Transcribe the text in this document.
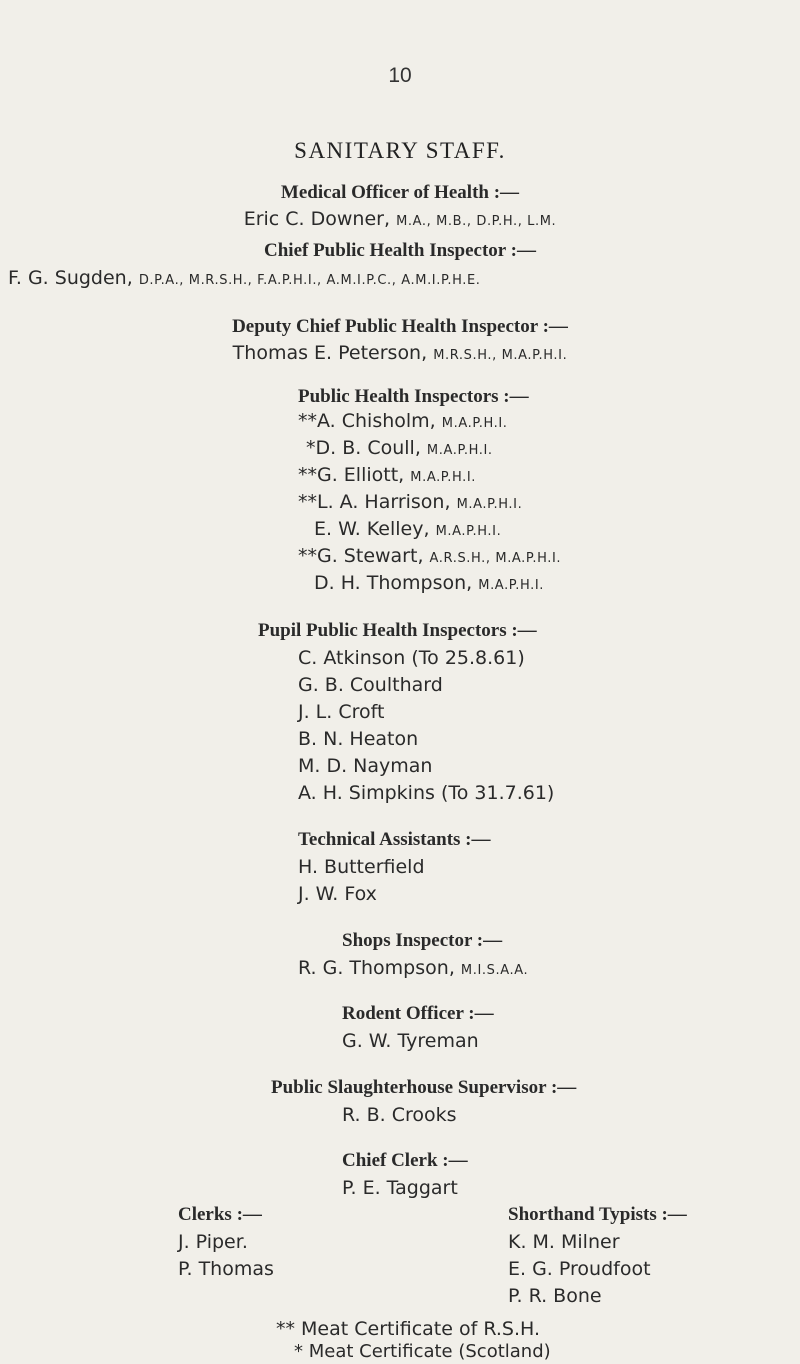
10
SANITARY STAFF.
Medical Officer of Health :—
Eric C. Downer, M.A., M.B., D.P.H., L.M.
Chief Public Health Inspector :—
F. G. Sugden, D.P.A., M.R.S.H., F.A.P.H.I., A.M.I.P.C., A.M.I.P.H.E.
Deputy Chief Public Health Inspector :—
Thomas E. Peterson, M.R.S.H., M.A.P.H.I.
Public Health Inspectors :—
**A. Chisholm, M.A.P.H.I.
*D. B. Coull, M.A.P.H.I.
**G. Elliott, M.A.P.H.I.
**L. A. Harrison, M.A.P.H.I.
E. W. Kelley, M.A.P.H.I.
**G. Stewart, A.R.S.H., M.A.P.H.I.
D. H. Thompson, M.A.P.H.I.
Pupil Public Health Inspectors :—
C. Atkinson (To 25.8.61)
G. B. Coulthard
J. L. Croft
B. N. Heaton
M. D. Nayman
A. H. Simpkins (To 31.7.61)
Technical Assistants :—
H. Butterfield
J. W. Fox
Shops Inspector :—
R. G. Thompson, M.I.S.A.A.
Rodent Officer :—
G. W. Tyreman
Public Slaughterhouse Supervisor :—
R. B. Crooks
Chief Clerk :—
P. E. Taggart
Clerks :—
J. Piper.
P. Thomas
Shorthand Typists :—
K. M. Milner
E. G. Proudfoot
P. R. Bone
** Meat Certificate of R.S.H.
* Meat Certificate (Scotland)
